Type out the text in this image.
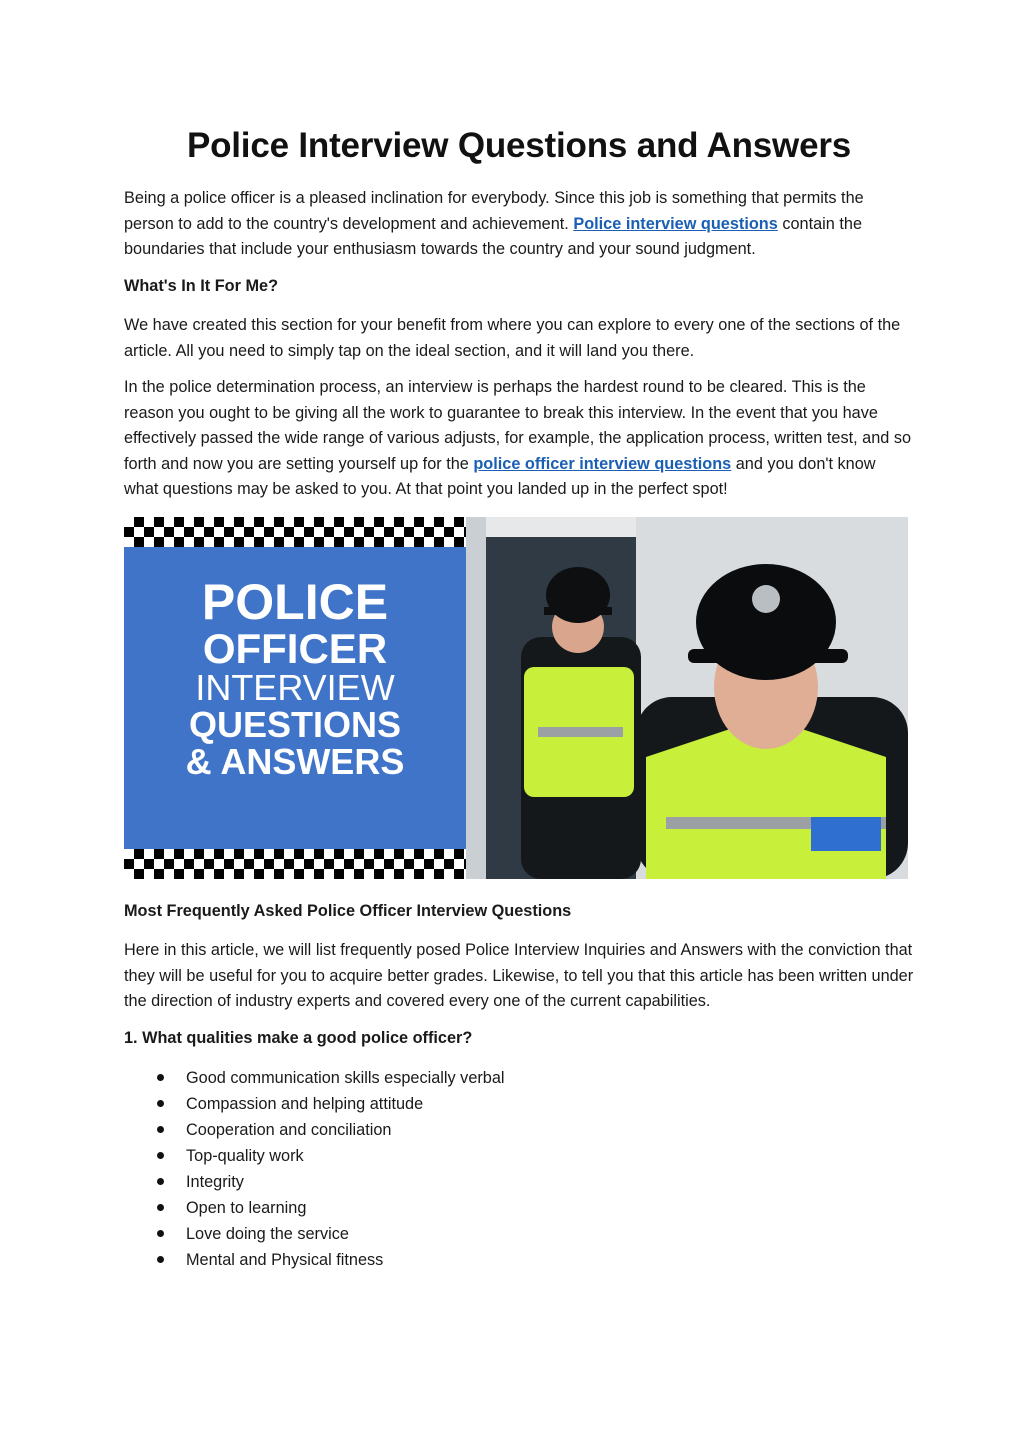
Police Interview Questions and Answers

Being a police officer is a pleased inclination for everybody. Since this job is something that permits the person to add to the country's development and achievement. Police interview questions contain the boundaries that include your enthusiasm towards the country and your sound judgment.

What's In It For Me?

We have created this section for your benefit from where you can explore to every one of the sections of the article. All you need to simply tap on the ideal section, and it will land you there.

In the police determination process, an interview is perhaps the hardest round to be cleared. This is the reason you ought to be giving all the work to guarantee to break this interview. In the event that you have effectively passed the wide range of various adjusts, for example, the application process, written test, and so forth and now you are setting yourself up for the police officer interview questions and you don't know what questions may be asked to you. At that point you landed up in the perfect spot!

POLICE
OFFICER
INTERVIEW
QUESTIONS
& ANSWERS

Most Frequently Asked Police Officer Interview Questions

Here in this article, we will list frequently posed Police Interview Inquiries and Answers with the conviction that they will be useful for you to acquire better grades. Likewise, to tell you that this article has been written under the direction of industry experts and covered every one of the current capabilities.

1. What qualities make a good police officer?

Good communication skills especially verbal
Compassion and helping attitude
Cooperation and conciliation
Top-quality work
Integrity
Open to learning
Love doing the service
Mental and Physical fitness
